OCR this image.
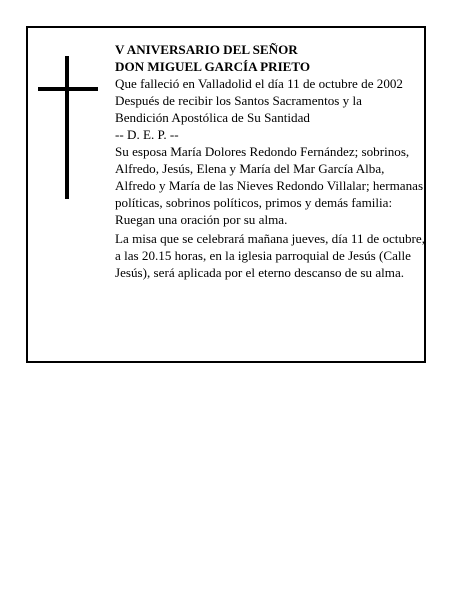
V ANIVERSARIO DEL SEÑOR
DON MIGUEL GARCÍA PRIETO
Que falleció en Valladolid el día 11 de octubre de 2002
Después de recibir los Santos Sacramentos y la
Bendición Apostólica de Su Santidad
-- D. E. P. --

Su esposa María Dolores Redondo Fernández; sobrinos, Alfredo, Jesús, Elena y María del Mar García Alba, Alfredo y María de las Nieves Redondo Villalar; hermanas políticas, sobrinos políticos, primos y demás familia:

Ruegan una oración por su alma.

La misa que se celebrará mañana jueves, día 11 de octubre, a las 20.15 horas, en la iglesia parroquial de Jesús (Calle Jesús), será aplicada por el eterno descanso de su alma.
